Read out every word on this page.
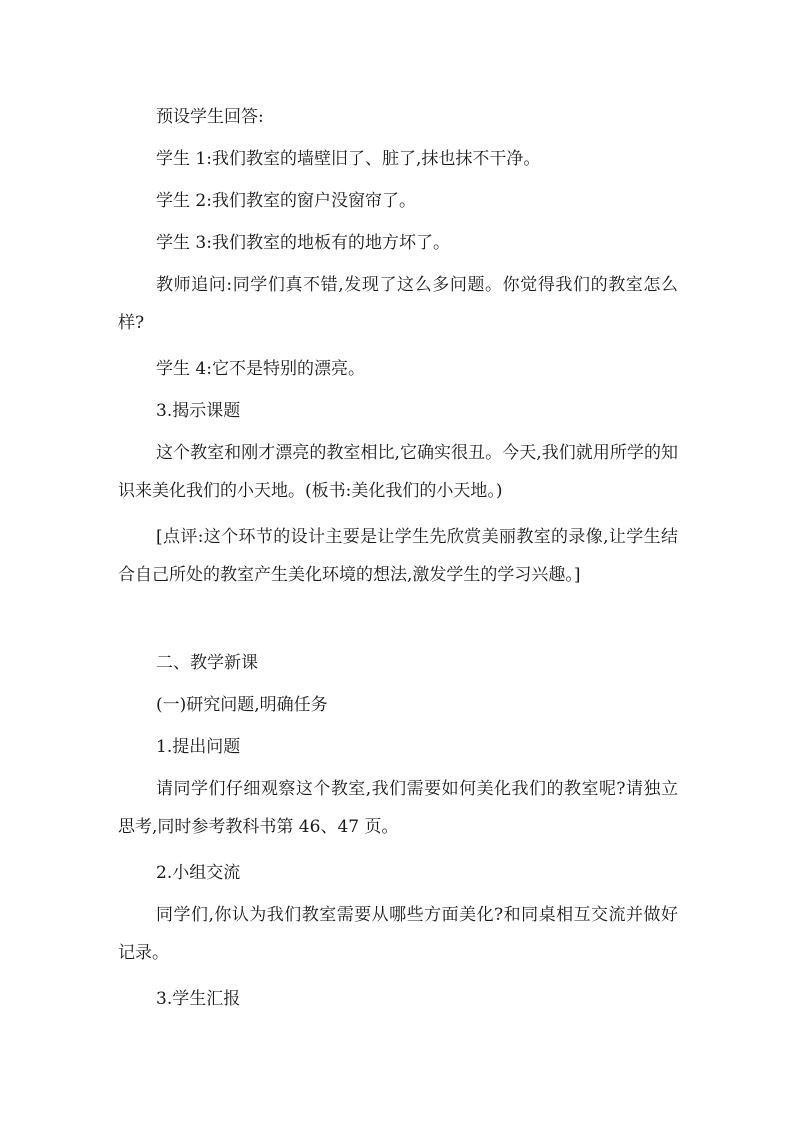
预设学生回答:

学生 1:我们教室的墙壁旧了、脏了,抹也抹不干净。

学生 2:我们教室的窗户没窗帘了。

学生 3:我们教室的地板有的地方坏了。

教师追问:同学们真不错,发现了这么多问题。你觉得我们的教室怎么样?

学生 4:它不是特别的漂亮。

3.揭示课题

这个教室和刚才漂亮的教室相比,它确实很丑。今天,我们就用所学的知识来美化我们的小天地。(板书:美化我们的小天地。)

[点评:这个环节的设计主要是让学生先欣赏美丽教室的录像,让学生结合自己所处的教室产生美化环境的想法,激发学生的学习兴趣。]

二、教学新课

(一)研究问题,明确任务

1.提出问题

请同学们仔细观察这个教室,我们需要如何美化我们的教室呢?请独立思考,同时参考教科书第 46、47 页。

2.小组交流

同学们,你认为我们教室需要从哪些方面美化?和同桌相互交流并做好记录。

3.学生汇报
